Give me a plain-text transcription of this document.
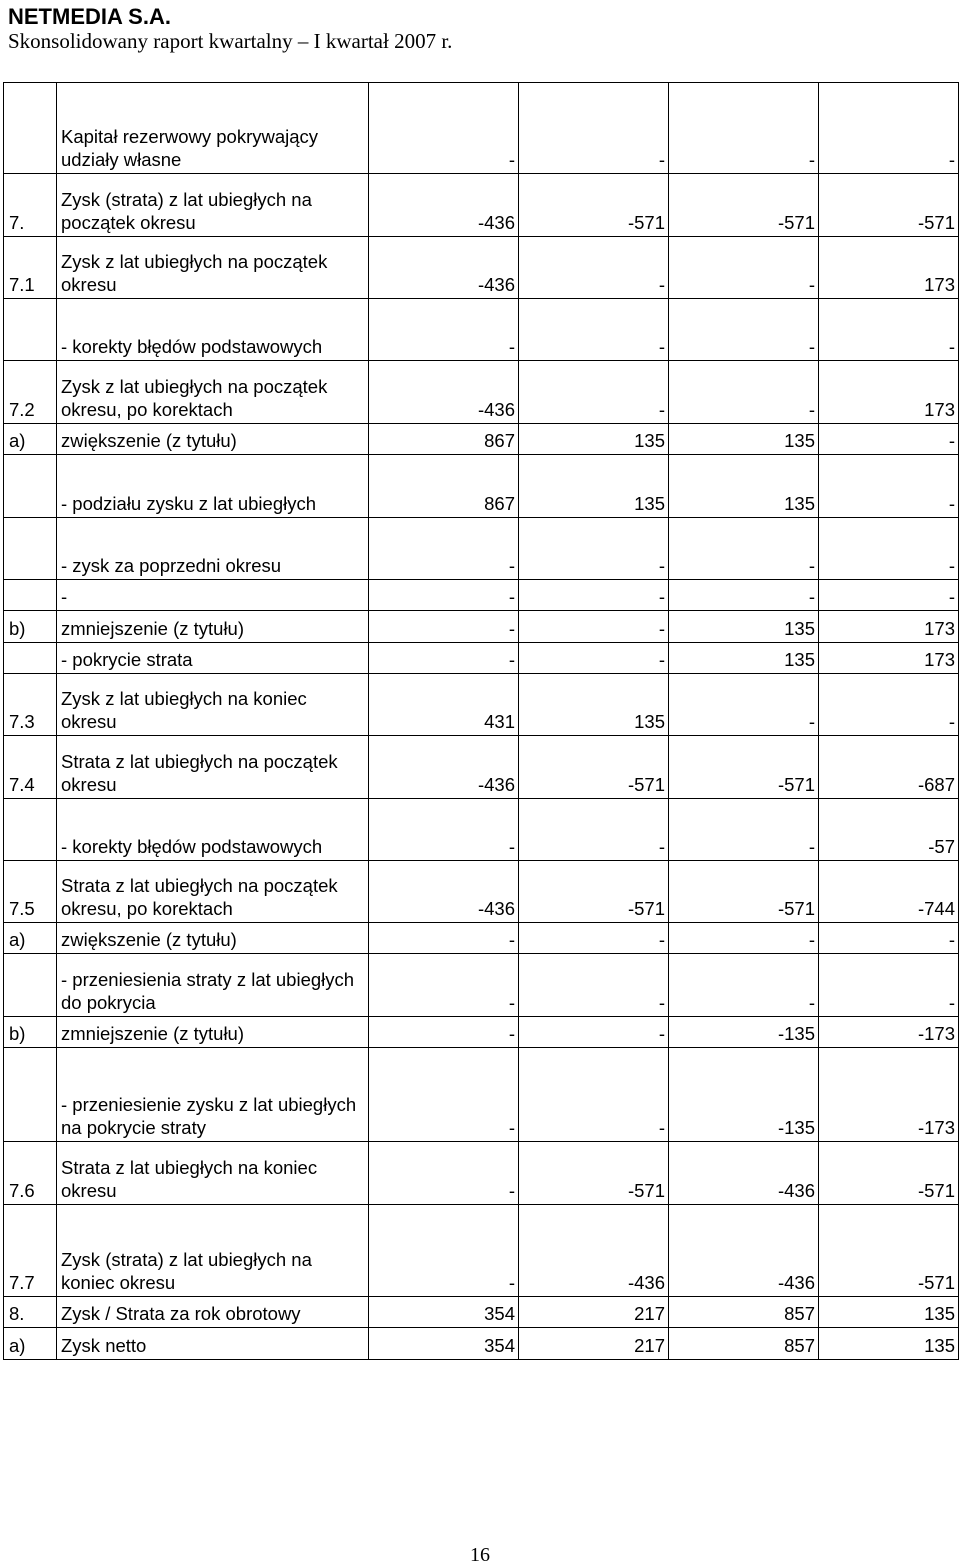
NETMEDIA S.A.
Skonsolidowany raport kwartalny – I kwartał 2007 r.
	Kapitał rezerwowy pokrywający udziały własne	-	-	-	-
7.	Zysk (strata) z lat ubiegłych na początek okresu	-436	-571	-571	-571
7.1	Zysk z lat ubiegłych na początek okresu	-436	-	-	173
	- korekty błędów podstawowych	-	-	-	-
7.2	Zysk z lat ubiegłych na początek okresu, po korektach	-436	-	-	173
a)	zwiększenie (z tytułu)	867	135	135	-
	- podziału zysku z lat ubiegłych	867	135	135	-
	- zysk za poprzedni okresu	-	-	-	-
	-	-	-	-	-
b)	zmniejszenie (z tytułu)	-	-	135	173
	- pokrycie strata	-	-	135	173
7.3	Zysk z lat ubiegłych na koniec okresu	431	135	-	-
7.4	Strata z lat ubiegłych na początek okresu	-436	-571	-571	-687
	- korekty błędów podstawowych	-	-	-	-57
7.5	Strata z lat ubiegłych na początek okresu, po korektach	-436	-571	-571	-744
a)	zwiększenie (z tytułu)	-	-	-	-
	- przeniesienia straty z lat ubiegłych do pokrycia	-	-	-	-
b)	zmniejszenie (z tytułu)	-	-	-135	-173
	- przeniesienie zysku z lat ubiegłych na pokrycie straty	-	-	-135	-173
7.6	Strata z lat ubiegłych na koniec okresu	-	-571	-436	-571
7.7	Zysk (strata) z lat ubiegłych na koniec okresu	-	-436	-436	-571
8.	Zysk / Strata za rok obrotowy	354	217	857	135
a)	Zysk netto	354	217	857	135
16
